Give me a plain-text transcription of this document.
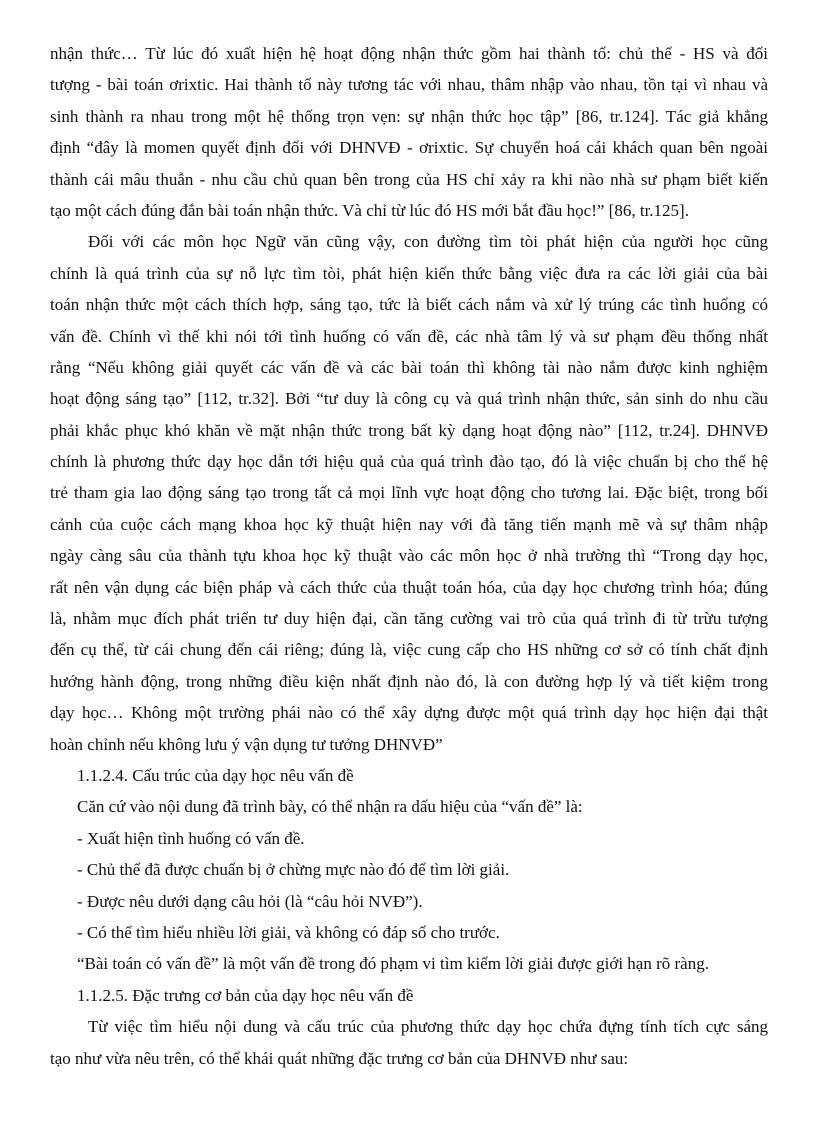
nhận thức… Từ lúc đó xuất hiện hệ hoạt động nhận thức gồm hai thành tố: chủ thể - HS và đối
tượng - bài toán ơrixtic. Hai thành tố này tương tác với nhau, thâm nhập vào nhau, tồn tại vì nhau và
sinh thành ra nhau trong một hệ thống trọn vẹn: sự nhận thức học tập” [86, tr.124]. Tác giả khẳng
định “đây là momen quyết định đối với DHNVĐ - ơrixtic. Sự chuyển hoá cái khách quan bên ngoài
thành cái mâu thuẫn - nhu cầu chủ quan bên trong của HS chỉ xảy ra khi nào nhà sư phạm biết kiến
tạo một cách đúng đắn bài toán nhận thức. Và chỉ từ lúc đó HS mới bắt đầu học!” [86, tr.125].
Đối với các môn học Ngữ văn cũng vậy, con đường tìm tòi phát hiện của người học cũng
chính là quá trình của sự nỗ lực tìm tòi, phát hiện kiến thức bằng việc đưa ra các lời giải của bài
toán nhận thức một cách thích hợp, sáng tạo, tức là biết cách nắm và xử lý trúng các tình huống có
vấn đề. Chính vì thế khi nói tới tình huống có vấn đề, các nhà tâm lý và sư phạm đều thống nhất
rằng “Nếu không giải quyết các vấn đề và các bài toán thì không tài nào nắm được kinh nghiệm
hoạt động sáng tạo” [112, tr.32]. Bởi “tư duy là công cụ và quá trình nhận thức, sản sinh do nhu cầu
phải khắc phục khó khăn về mặt nhận thức trong bất kỳ dạng hoạt động nào” [112, tr.24]. DHNVĐ
chính là phương thức dạy học dẫn tới hiệu quả của quá trình đào tạo, đó là việc chuẩn bị cho thế hệ
trẻ tham gia lao động sáng tạo trong tất cả mọi lĩnh vực hoạt động cho tương lai. Đặc biệt, trong bối
cảnh của cuộc cách mạng khoa học kỹ thuật hiện nay với đà tăng tiến mạnh mẽ và sự thâm nhập
ngày càng sâu của thành tựu khoa học kỹ thuật vào các môn học ở nhà trường thì “Trong dạy học,
rất nên vận dụng các biện pháp và cách thức của thuật toán hóa, của dạy học chương trình hóa; đúng
là, nhằm mục đích phát triển tư duy hiện đại, cần tăng cường vai trò của quá trình đi từ trừu tượng
đến cụ thể, từ cái chung đến cái riêng; đúng là, việc cung cấp cho HS những cơ sở có tính chất định
hướng hành động, trong những điều kiện nhất định nào đó, là con đường hợp lý và tiết kiệm trong
dạy học… Không một trường phái nào có thể xây dựng được một quá trình dạy học hiện đại thật
hoàn chỉnh nếu không lưu ý vận dụng tư tưởng DHNVĐ”
1.1.2.4. Cấu trúc của dạy học nêu vấn đề
Căn cứ vào nội dung đã trình bày, có thể nhận ra dấu hiệu của “vấn đề” là:
- Xuất hiện tình huống có vấn đề.
- Chủ thể đã được chuẩn bị ở chừng mực nào đó để tìm lời giải.
- Được nêu dưới dạng câu hỏi (là “câu hỏi NVĐ”).
- Có thể tìm hiểu nhiều lời giải, và không có đáp số cho trước.
“Bài toán có vấn đề” là một vấn đề trong đó phạm vi tìm kiếm lời giải được giới hạn rõ ràng.
1.1.2.5. Đặc trưng cơ bản của dạy học nêu vấn đề
Từ việc tìm hiểu nội dung và cấu trúc của phương thức dạy học chứa đựng tính tích cực sáng
tạo như vừa nêu trên, có thể khái quát những đặc trưng cơ bản của DHNVĐ như sau:
